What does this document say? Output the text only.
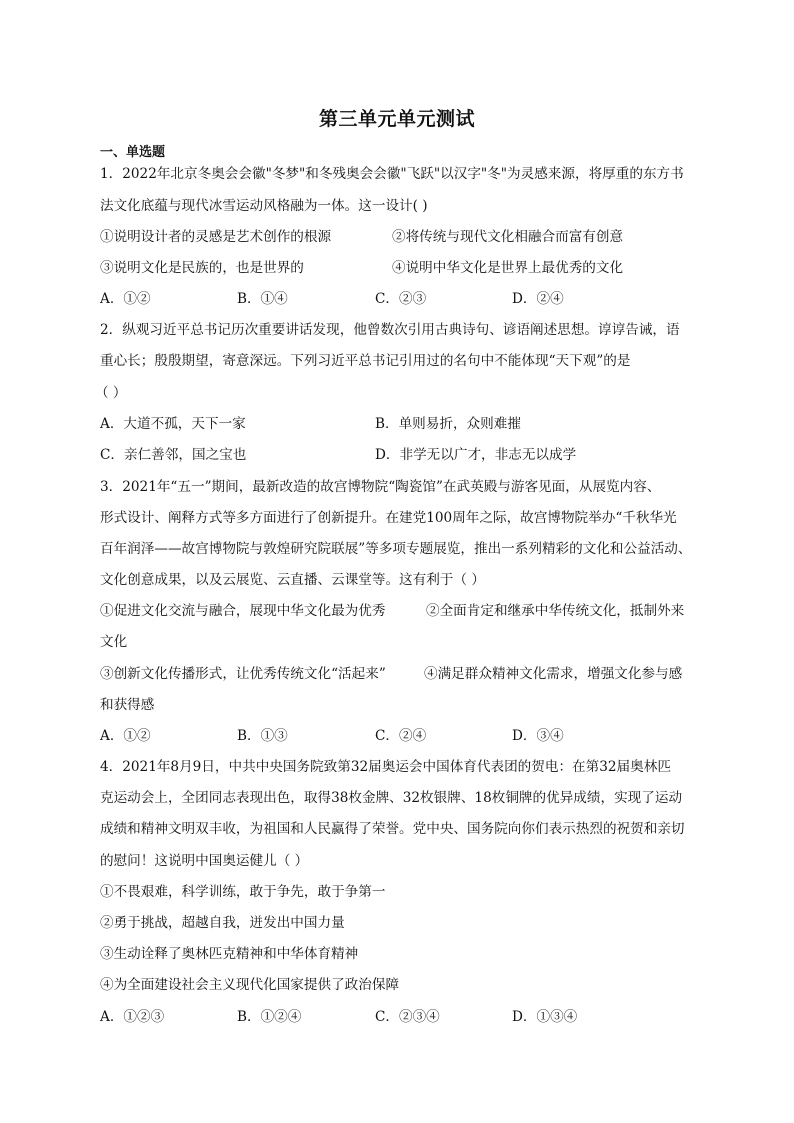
第三单元单元测试
一、单选题
1．2022年北京冬奥会会徽"冬梦"和冬残奥会会徽"飞跃"以汉字"冬"为灵感来源，将厚重的东方书
法文化底蕴与现代冰雪运动风格融为一体。这一设计( )
①说明设计者的灵感是艺术创作的根源	②将传统与现代文化相融合而富有创意
③说明文化是民族的，也是世界的	④说明中华文化是世界上最优秀的文化
A．①②	B．①④	C．②③	D．②④
2．纵观习近平总书记历次重要讲话发现，他曾数次引用古典诗句、谚语阐述思想。谆谆告诫，语
重心长；殷殷期望，寄意深远。下列习近平总书记引用过的名句中不能体现“天下观”的是
（ ）
A．大道不孤，天下一家	B．单则易折，众则难摧
C．亲仁善邻，国之宝也	D．非学无以广才，非志无以成学
3．2021年“五一”期间，最新改造的故宫博物院“陶瓷馆”在武英殿与游客见面，从展览内容、
形式设计、阐释方式等多方面进行了创新提升。在建党100周年之际，故宫博物院举办“千秋华光
百年润泽——故宫博物院与敦煌研究院联展”等多项专题展览，推出一系列精彩的文化和公益活动、
文化创意成果，以及云展览、云直播、云课堂等。这有利于（ ）
①促进文化交流与融合，展现中华文化最为优秀	②全面肯定和继承中华传统文化，抵制外来
文化
③创新文化传播形式，让优秀传统文化“活起来”	④满足群众精神文化需求，增强文化参与感
和获得感
A．①②	B．①③	C．②④	D．③④
4．2021年8月9日，中共中央国务院致第32届奥运会中国体育代表团的贺电：在第32届奥林匹
克运动会上，全团同志表现出色，取得38枚金牌、32枚银牌、18枚铜牌的优异成绩，实现了运动
成绩和精神文明双丰收，为祖国和人民赢得了荣誉。党中央、国务院向你们表示热烈的祝贺和亲切
的慰问！这说明中国奥运健儿（ ）
①不畏艰难，科学训练，敢于争先，敢于争第一
②勇于挑战，超越自我，迸发出中国力量
③生动诠释了奥林匹克精神和中华体育精神
④为全面建设社会主义现代化国家提供了政治保障
A．①②③	B．①②④	C．②③④	D．①③④
